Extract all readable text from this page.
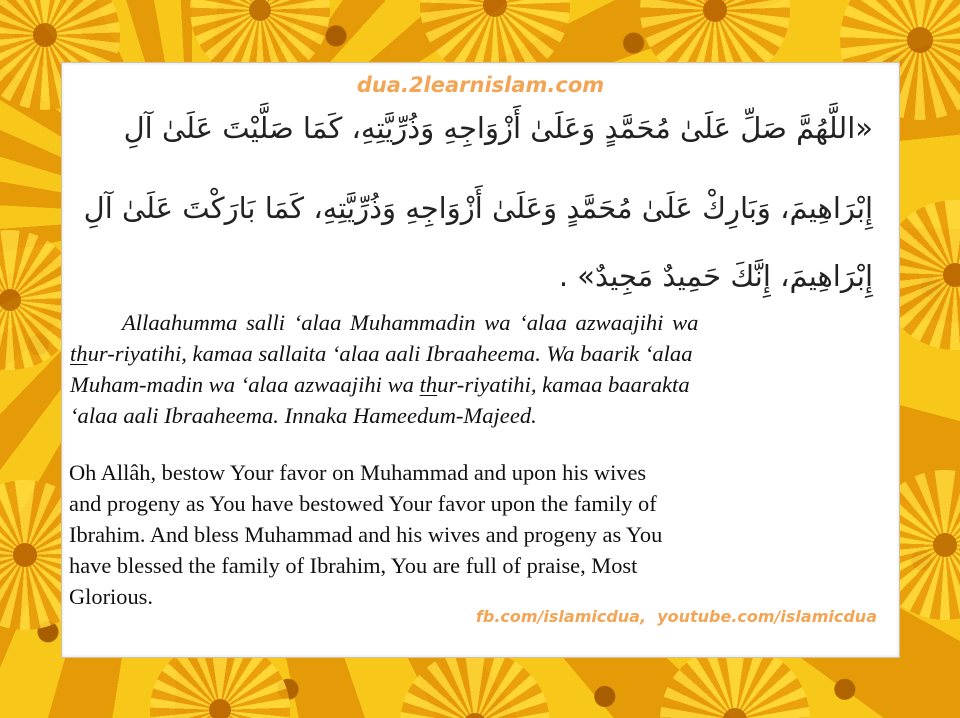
dua.2learnislam.com

«اللَّهُمَّ صَلِّ عَلَىٰ مُحَمَّدٍ وَعَلَىٰ أَزْوَاجِهِ وَذُرِّيَّتِهِ، كَمَا صَلَّيْتَ عَلَىٰ آلِ

إِبْرَاهِيمَ، وَبَارِكْ عَلَىٰ مُحَمَّدٍ وَعَلَىٰ أَزْوَاجِهِ وَذُرِّيَّتِهِ، كَمَا بَارَكْتَ عَلَىٰ آلِ

إِبْرَاهِيمَ، إِنَّكَ حَمِيدٌ مَجِيدٌ» .

Allaahumma salli ‘alaa Muhammadin wa ‘alaa azwaajihi wa
thur-riyatihi, kamaa sallaita ‘alaa aali Ibraaheema. Wa baarik ‘alaa
Muham-madin wa ‘alaa azwaajihi wa thur-riyatihi, kamaa baarakta
‘alaa aali Ibraaheema. Innaka Hameedum-Majeed.

Oh Allâh, bestow Your favor on Muhammad and upon his wives
and progeny as You have bestowed Your favor upon the family of
Ibrahim. And bless Muhammad and his wives and progeny as You
have blessed the family of Ibrahim, You are full of praise, Most
Glorious.

fb.com/islamicdua,  youtube.com/islamicdua
